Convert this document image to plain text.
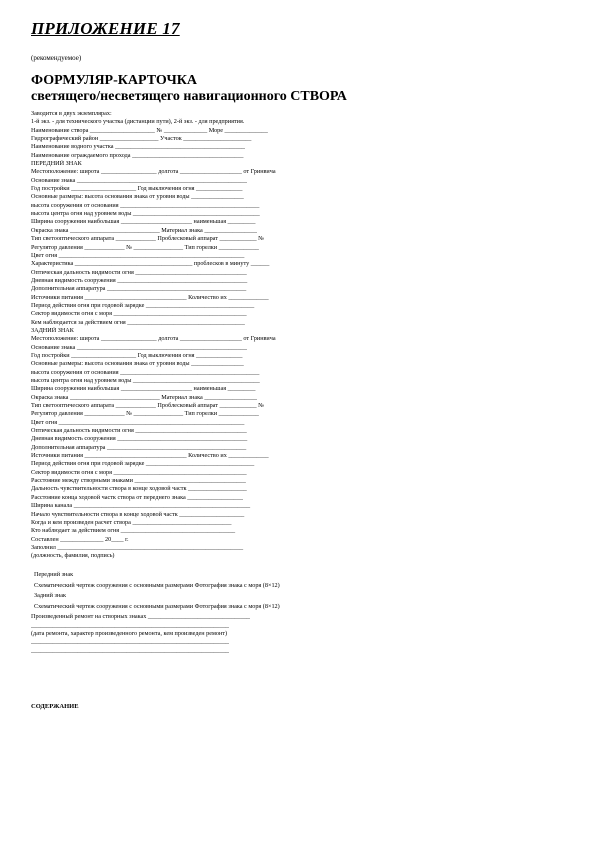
ПРИЛОЖЕНИЕ 17
(рекомендуемое)
ФОРМУЛЯР-КАРТОЧКА
светящего/несветящего навигационного СТВОРА
Заводится в двух экземплярах:
1-й экз. - для технического участка (дистанции пути), 2-й экз. - для предприятия.
Наименование створа _____________________ № ______________ Море ______________
Гидрографический район ___________________ Участок ______________________
Наименование водного участка __________________________________________
Наименование ограждаемого прохода ____________________________________
ПЕРЕДНИЙ ЗНАК
Местоположение: широта __________________ долгота ____________________ от Гринвича
Основание знака _______________________________________________________
Год постройки _____________________ Год выключения огня _______________
Основные размеры: высота основания знака от уровня воды _________________
высота сооружения от основания _____________________________________________
высота центра огня над уровнем воды _________________________________________
Ширина сооружения наибольшая _______________________ наименьшая _________
Окраска знака _____________________________ Материал знака _________________
Тип светооптического аппарата _____________ Проблесковый аппарат ____________ №
Регулятор давления _____________ № ________________ Тип горелки _____________
Цвет огня ____________________________________________________________
Характеристика ______________________________________ проблесков в минуту ______
Оптическая дальность видимости огня ____________________________________
Дневная видимость сооружения __________________________________________
Дополнительная аппаратура _____________________________________________
Источники питания _________________________________ Количество их _____________
Период действия огня при годовой зарядке ___________________________________
Сектор видимости огня с моря ___________________________________________
Кем наблюдается за действием огня ______________________________________
ЗАДНИЙ ЗНАК
Местоположение: широта __________________ долгота ____________________ от Гринвича
Основание знака _______________________________________________________
Год постройки _____________________ Год выключения огня _______________
Основные размеры: высота основания знака от уровня воды _________________
высота сооружения от основания _____________________________________________
высота центра огня над уровнем воды _________________________________________
Ширина сооружения наибольшая _______________________ наименьшая _________
Окраска знака _____________________________ Материал знака _________________
Тип светооптического аппарата _____________ Проблесковый аппарат ____________ №
Регулятор давления _____________ № ________________ Тип горелки _____________
Цвет огня ____________________________________________________________
Оптическая дальность видимости огня ____________________________________
Дневная видимость сооружения __________________________________________
Дополнительная аппаратура _____________________________________________
Источники питания _________________________________ Количество их _____________
Период действия огня при годовой зарядке ___________________________________
Сектор видимости огня с моря ___________________________________________
Расстояние между створными знаками ____________________________________
Дальность чувствительности створа в конце ходовой частк ___________________
Расстояние конца ходовой частк створа от переднего знака __________________
Ширина канала _________________________________________________________
Начало чувствительности створа в конце ходовой частк _____________________
Когда и кем произведен расчет створа ________________________________
Кто наблюдает за действием огня _____________________________________
Составлен ______________ 20____ г.
Заполнил ____________________________________________________________
(должность, фамилия, подпись)
Передний знак
Схематический чертеж сооружения с основными размерами Фотография знака с моря (8×12)
Задний знак
Схематический чертеж сооружения с основными размерами Фотография знака с моря (8×12)
Произведенный ремонт на створных знаках _________________________________
________________________________________________________________
(дата ремонта, характер произведенного ремонта, кем произведен ремонт)
________________________________________________________________
________________________________________________________________
СОДЕРЖАНИЕ
